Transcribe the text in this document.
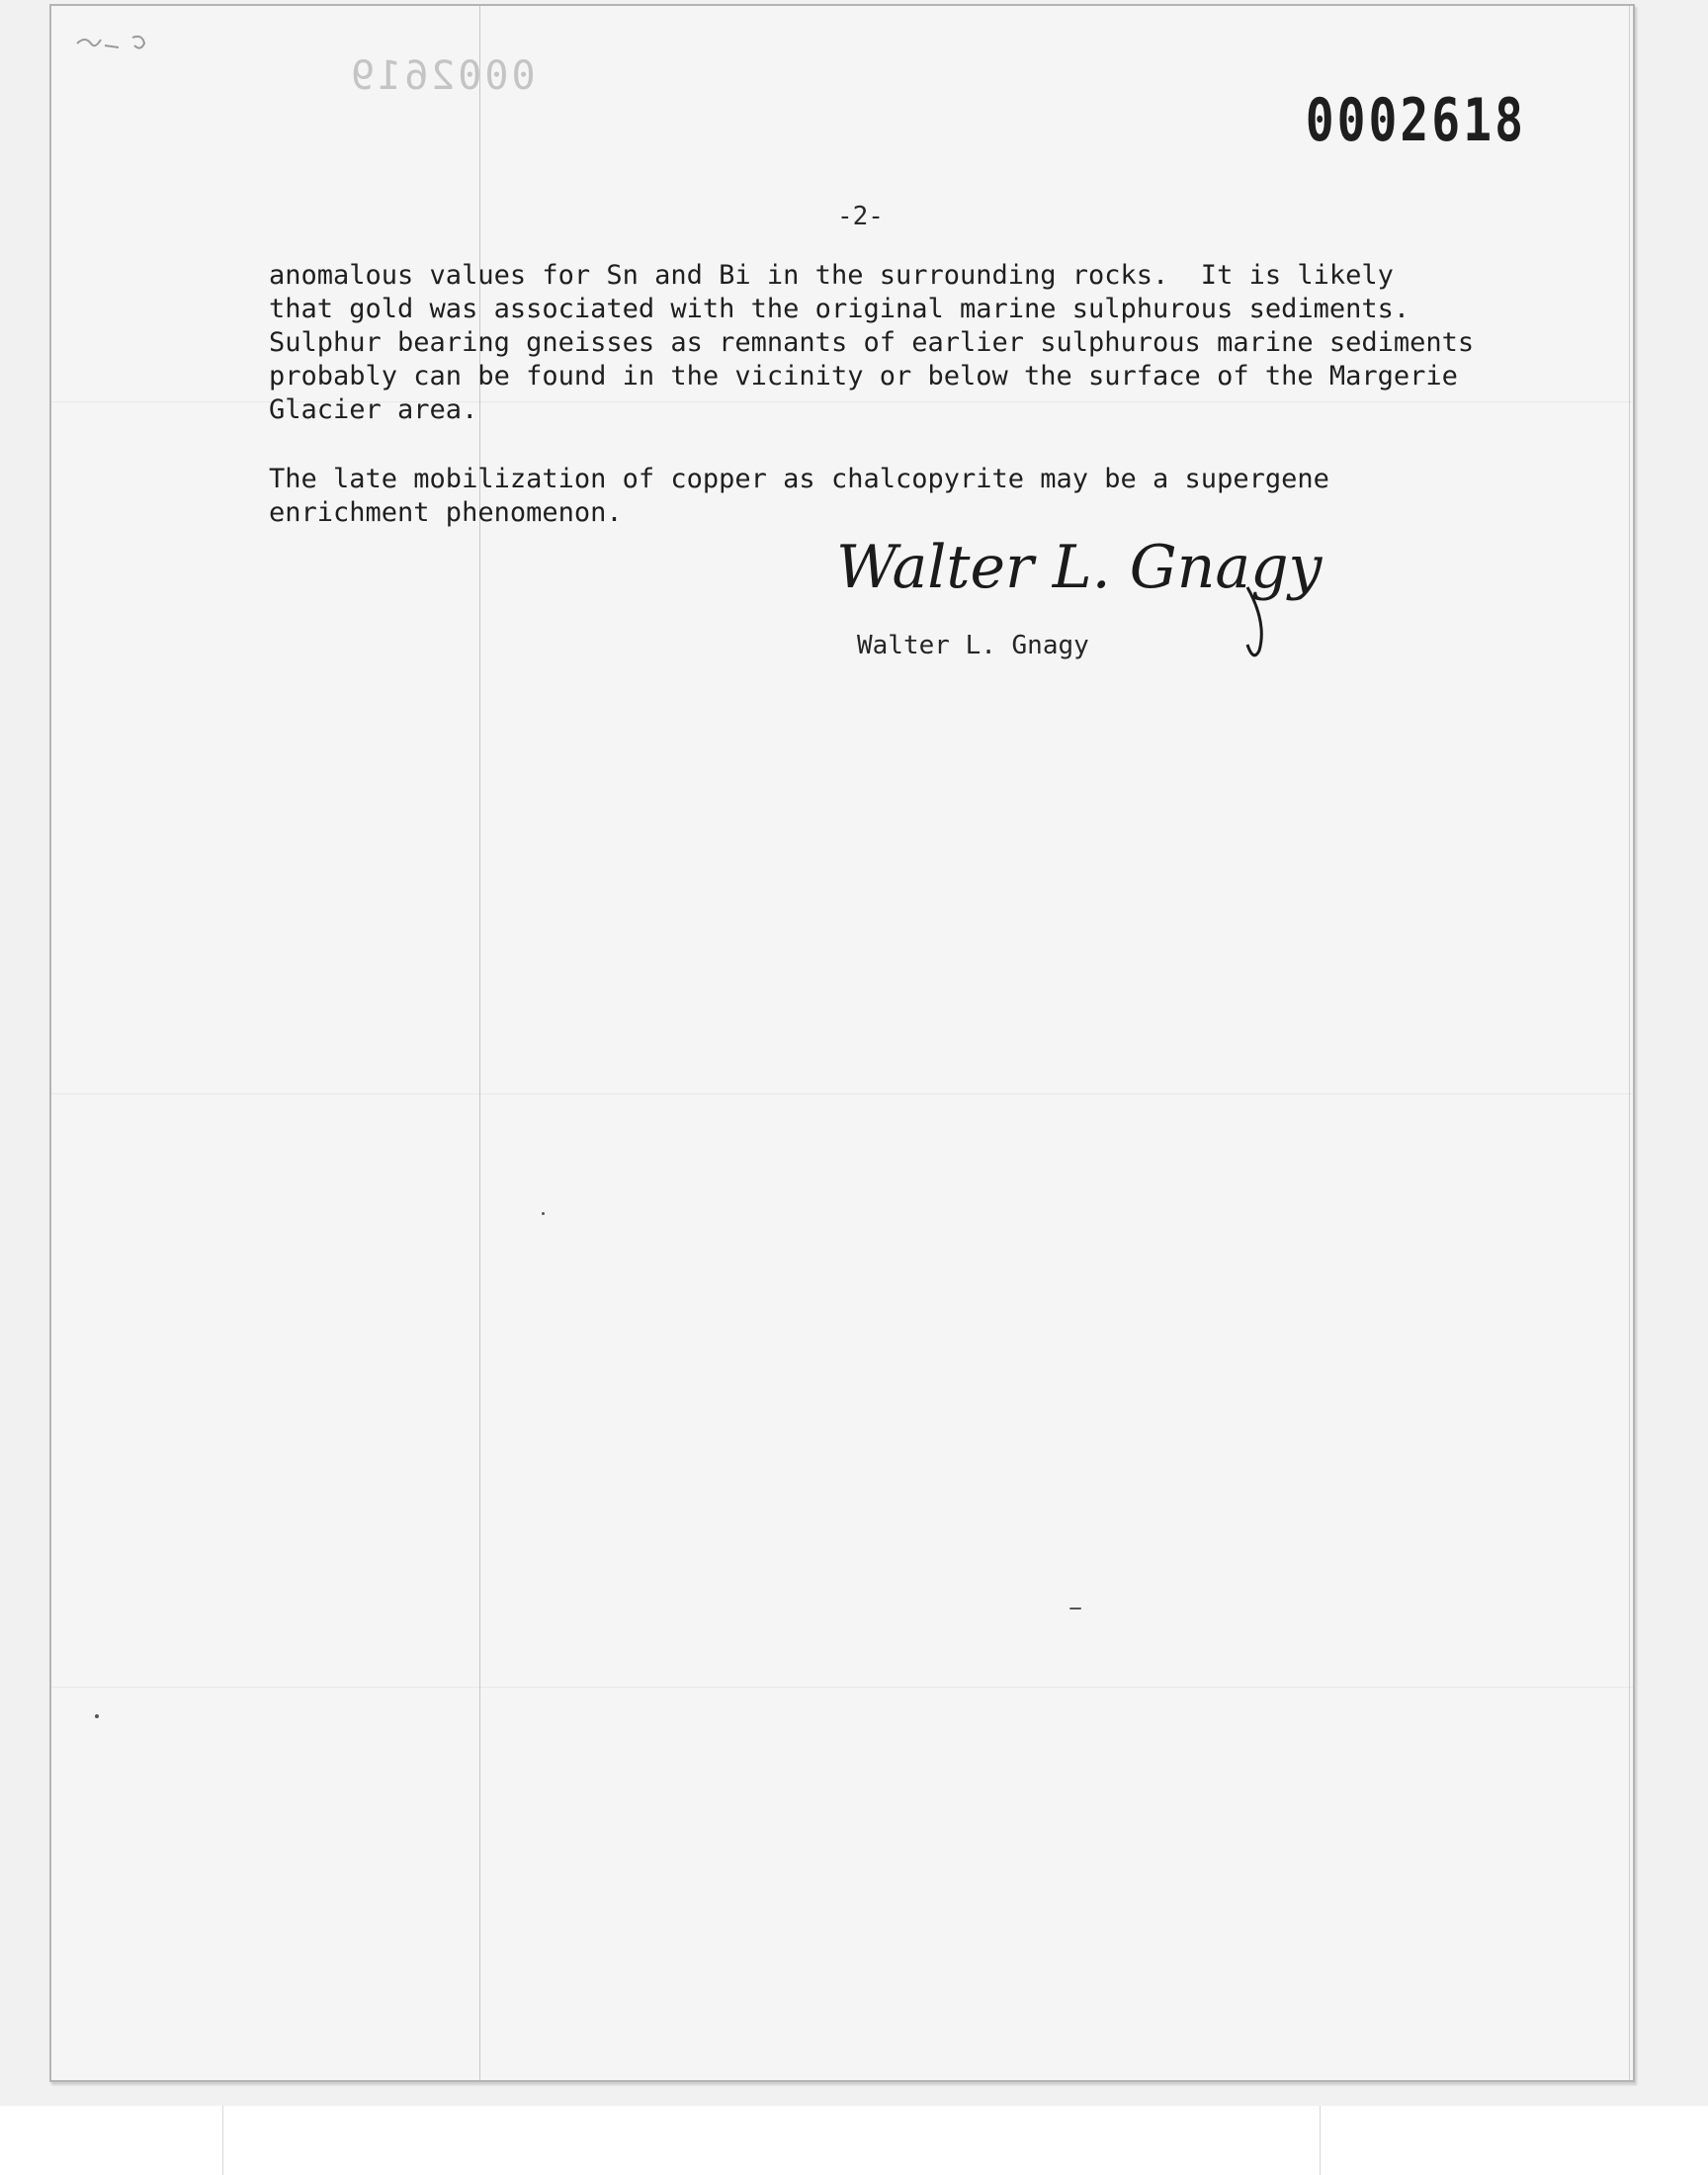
0002619

0002618

-2-

anomalous values for Sn and Bi in the surrounding rocks.  It is likely
that gold was associated with the original marine sulphurous sediments.
Sulphur bearing gneisses as remnants of earlier sulphurous marine sediments
probably can be found in the vicinity or below the surface of the Margerie
Glacier area.
The late mobilization of copper as chalcopyrite may be a supergene
enrichment phenomenon.
Walter L. Gnagy

Walter L. Gnagy
